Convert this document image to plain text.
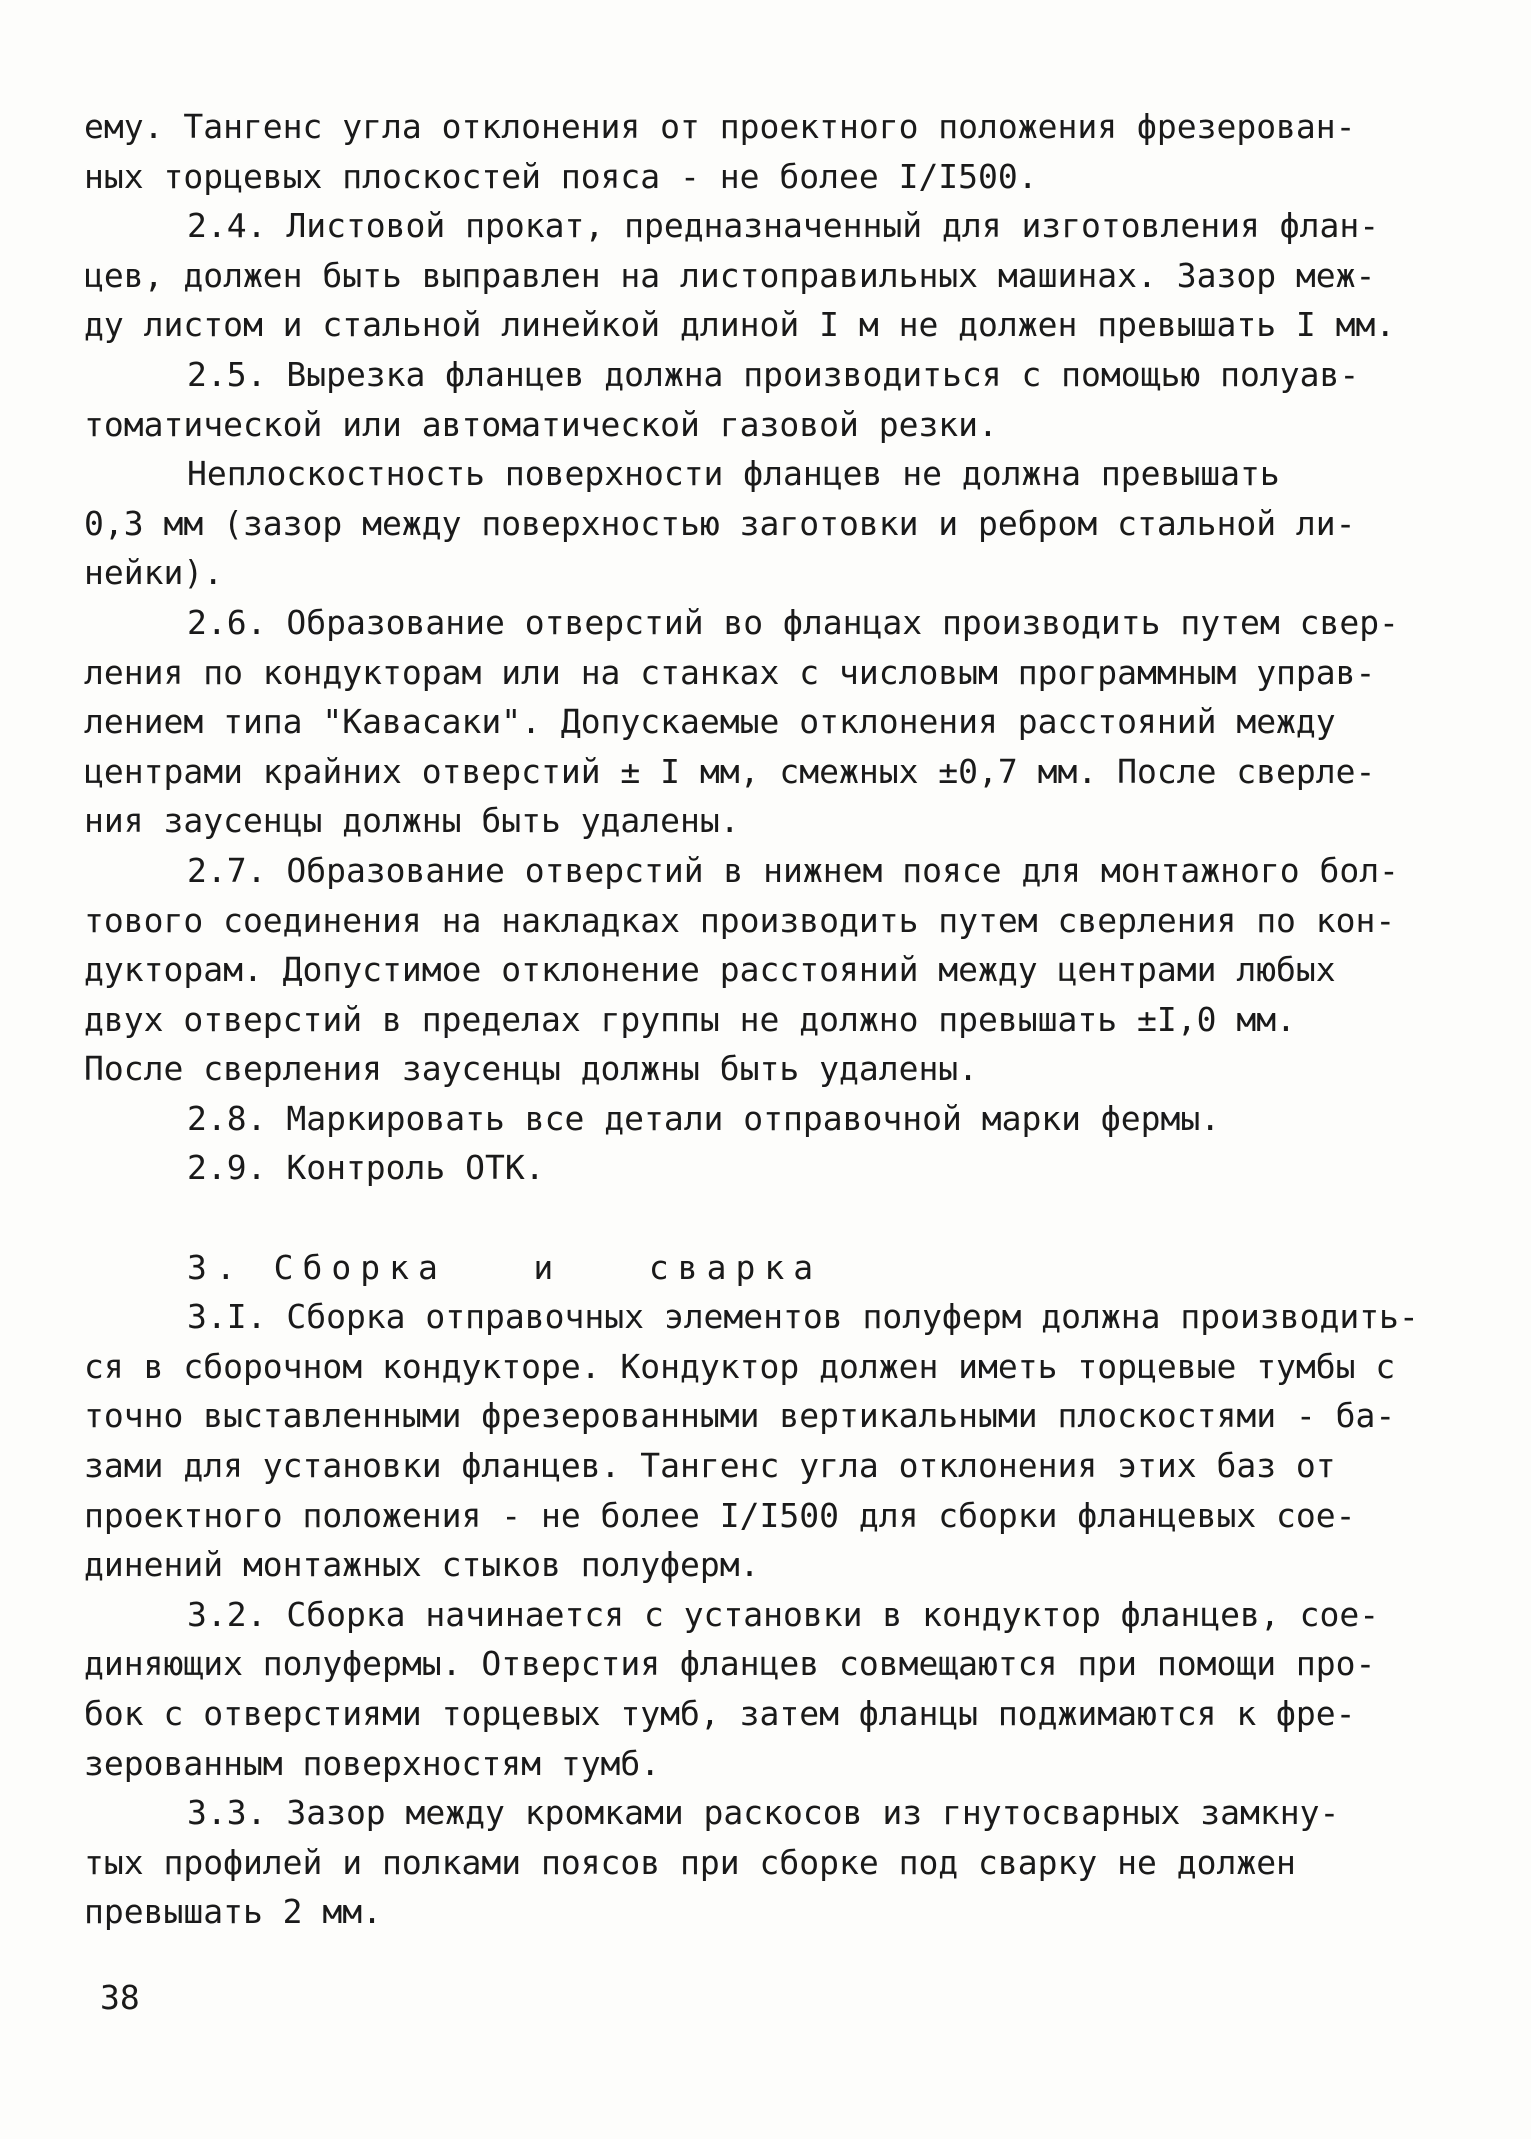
ему. Тангенс угла отклонения от проектного положения фрезерован-
ных торцевых плоскостей пояса - не более I/I500.
2.4. Листовой прокат, предназначенный для изготовления флан-
цев, должен быть выправлен на листоправильных машинах. Зазор меж-
ду листом и стальной линейкой длиной I м не должен превышать I мм.
2.5. Вырезка фланцев должна производиться с помощью полуав-
томатической или автоматической газовой резки.
Неплоскостность поверхности фланцев не должна превышать
0,3 мм (зазор между поверхностью заготовки и ребром стальной ли-
нейки).
2.6. Образование отверстий во фланцах производить путем свер-
ления по кондукторам или на станках с числовым программным управ-
лением типа "Кавасаки". Допускаемые отклонения расстояний между
центрами крайних отверстий ± I мм, смежных ±0,7 мм. После сверле-
ния заусенцы должны быть удалены.
2.7. Образование отверстий в нижнем поясе для монтажного бол-
тового соединения на накладках производить путем сверления по кон-
дукторам. Допустимое отклонение расстояний между центрами любых
двух отверстий в пределах группы не должно превышать ±I,0 мм.
После сверления заусенцы должны быть удалены.
2.8. Маркировать все детали отправочной марки фермы.
2.9. Контроль ОТК.
3. Сборка   и   сварка
3.I. Сборка отправочных элементов полуферм должна производить-
ся в сборочном кондукторе. Кондуктор должен иметь торцевые тумбы с
точно выставленными фрезерованными вертикальными плоскостями - ба-
зами для установки фланцев. Тангенс угла отклонения этих баз от
проектного положения - не более I/I500 для сборки фланцевых сое-
динений монтажных стыков полуферм.
3.2. Сборка начинается с установки в кондуктор фланцев, сое-
диняющих полуфермы. Отверстия фланцев совмещаются при помощи про-
бок с отверстиями торцевых тумб, затем фланцы поджимаются к фре-
зерованным поверхностям тумб.
3.3. Зазор между кромками раскосов из гнутосварных замкну-
тых профилей и полками поясов при сборке под сварку не должен
превышать 2 мм.
38
